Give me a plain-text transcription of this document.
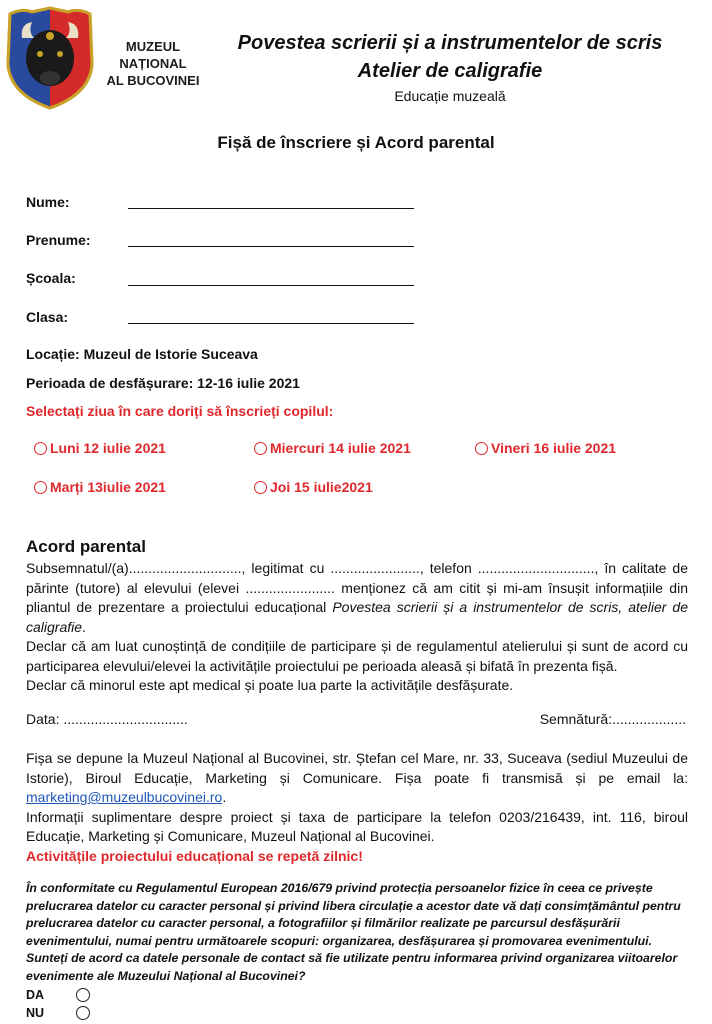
MUZEUL
NAȚIONAL
AL BUCOVINEI
Povestea scrierii și a instrumentelor de scris
Atelier de caligrafie
Educație muzeală
Fișă de înscriere și Acord parental
Nume:
Prenume:
Școala:
Clasa:
Locație: Muzeul de Istorie Suceava
Perioada de desfășurare: 12-16 iulie 2021
Selectați ziua în care doriți să înscrieți copilul:
Luni 12 iulie 2021	Miercuri 14 iulie 2021	Vineri 16 iulie 2021
Marți 13iulie 2021	Joi 15 iulie2021
Acord parental

Subsemnatul/(a)............................., legitimat cu ......................., telefon .............................., în calitate de părinte (tutore) al elevului (elevei ....................... menționez că am citit și mi-am însușit informațiile din pliantul de prezentare a proiectului educațional Povestea scrierii și a instrumentelor de scris, atelier de caligrafie.

Declar că am luat cunoștință de condițiile de participare și de regulamentul atelierului și sunt de acord cu participarea elevului/elevei la activitățile proiectului pe perioada aleasă și bifată în prezenta fișă.

Declar că minorul este apt medical și poate lua parte la activitățile desfășurate.

Data: ................................	Semnătură:...................

Fișa se depune la Muzeul Național al Bucovinei, str. Ștefan cel Mare, nr. 33, Suceava (sediul Muzeului de Istorie), Biroul Educație, Marketing și Comunicare. Fișa poate fi transmisă și pe email la: marketing@muzeulbucovinei.ro.

Informații suplimentare despre proiect și taxa de participare la telefon 0203/216439, int. 116, biroul Educație, Marketing și Comunicare, Muzeul Național al Bucovinei.

Activitățile proiectului educațional se repetă zilnic!

În conformitate cu Regulamentul European 2016/679 privind protecția persoanelor fizice în ceea ce privește prelucrarea datelor cu caracter personal și privind libera circulație a acestor date vă dați consimțământul pentru prelucrarea datelor cu caracter personal, a fotografiilor și filmărilor realizate pe parcursul desfășurării evenimentului, numai pentru următoarele scopuri: organizarea, desfășurarea și promovarea evenimentului.

Sunteți de acord ca datele personale de contact să fie utilizate pentru informarea privind organizarea viitoarelor evenimente ale Muzeului Național al Bucovinei?

DA
NU
